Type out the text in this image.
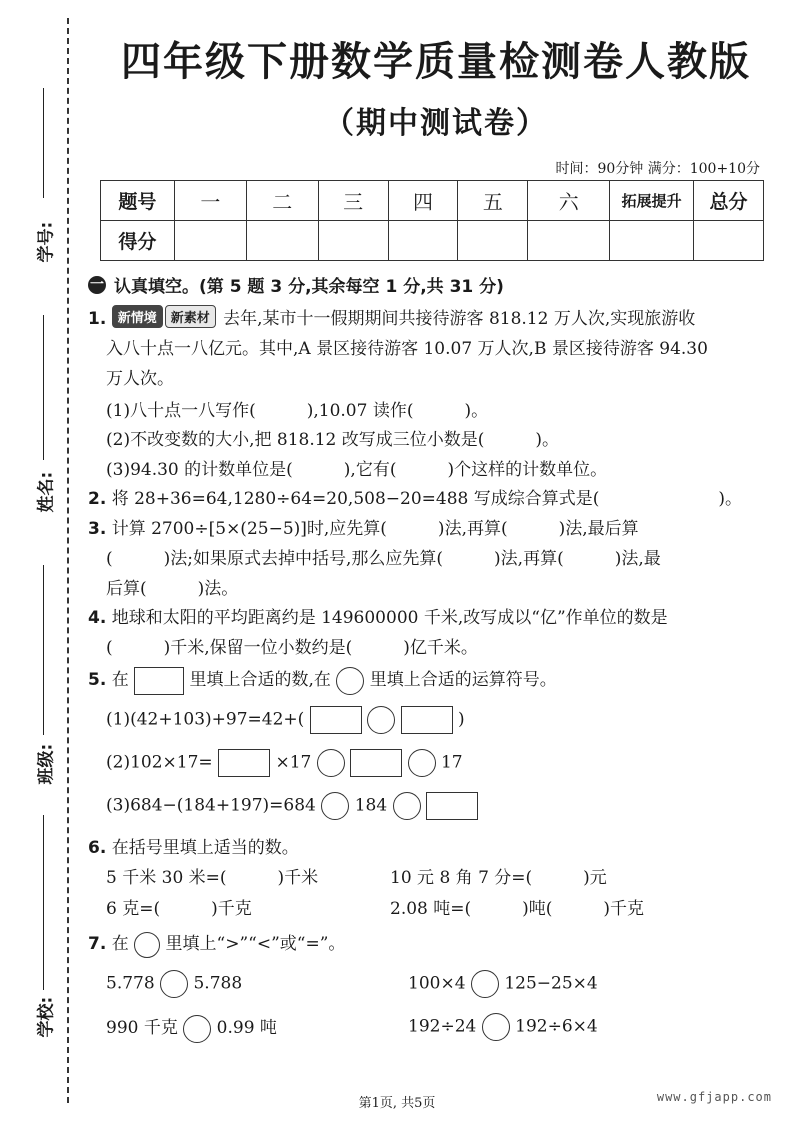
学号:
姓名:
班级:
学校:
四年级下册数学质量检测卷人教版
（期中测试卷）
时间：90分钟 满分：100+10分
题号	一	二	三	四	五	六	拓展提升	总分
得分								
一 认真填空。(第 5 题 3 分,其余每空 1 分,共 31 分)
1. 新情境 新素材 去年,某市十一假期期间共接待游客 818.12 万人次,实现旅游收
入八十点一八亿元。其中,A 景区接待游客 10.07 万人次,B 景区接待游客 94.30
万人次。
(1)八十点一八写作(　　　),10.07 读作(　　　)。
(2)不改变数的大小,把 818.12 改写成三位小数是(　　　)。
(3)94.30 的计数单位是(　　　),它有(　　　)个这样的计数单位。
2. 将 28+36=64,1280÷64=20,508−20=488 写成综合算式是(　　　　　　　)。
3. 计算 2700÷[5×(25−5)]时,应先算(　　　)法,再算(　　　)法,最后算
(　　　)法;如果原式去掉中括号,那么应先算(　　　)法,再算(　　　)法,最
后算(　　　)法。
4. 地球和太阳的平均距离约是 149600000 千米,改写成以“亿”作单位的数是
(　　　)千米,保留一位小数约是(　　　)亿千米。
5. 在	里填上合适的数,在 里填上合适的运算符号。
(1)(42+103)+97=42+(	)
(2)102×17=	×17	17
(3)684−(184+197)=684 184
6. 在括号里填上适当的数。
5 千米 30 米=(　　　)千米	10 元 8 角 7 分=(　　　)元
6 克=(　　　)千克	2.08 吨=(　　　)吨(　　　)千克
7. 在 里填上“>”“<”或“=”。
5.778 5.788	100×4 125−25×4
990 千克 0.99 吨	192÷24 192÷6×4
第1页, 共5页	www.gfjapp.com
